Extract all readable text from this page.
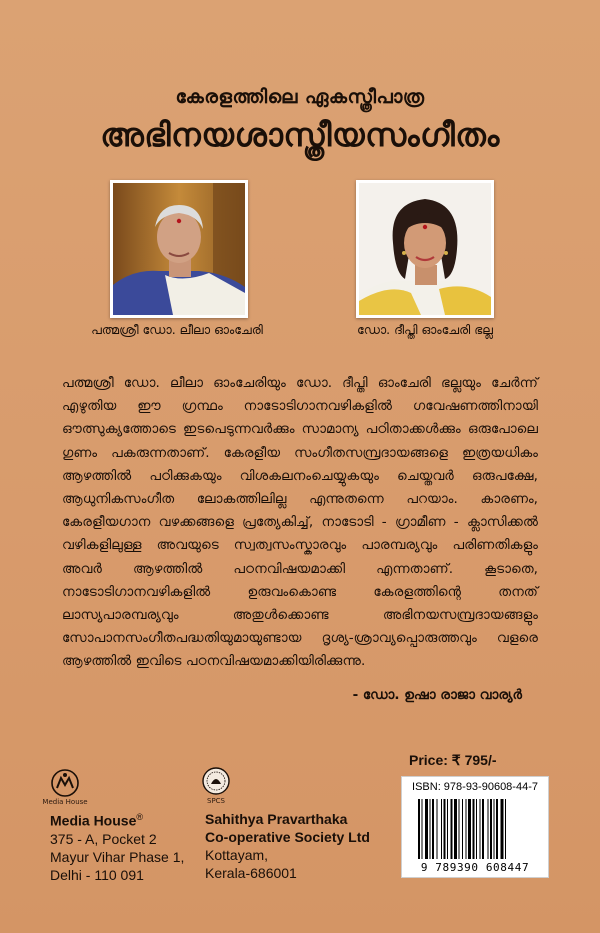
കേരളത്തിലെ ഏകസ്ത്രീപാത്ര
അഭിനയശാസ്ത്രീയസംഗീതം
പത്മശ്രീ ഡോ. ലീലാ ഓംചേരി	ഡോ. ദീപ്തി ഓംചേരി ഭല്ല

പത്മശ്രീ ഡോ. ലീലാ ഓംചേരിയും ഡോ. ദീപ്തി ഓംചേരി ഭല്ലയും ചേർന്ന് എഴുതിയ ഈ ഗ്രന്ഥം നാടോടിഗാനവഴികളിൽ ഗവേഷണത്തിനായി ഔത്സുക്യത്തോടെ ഇടപെടുന്നവർക്കും സാമാന്യ പഠിതാക്കൾക്കും ഒരുപോലെ ഗുണം പകരുന്നതാണ്. കേരളീയ സംഗീതസമ്പ്രദായങ്ങളെ ഇത്രയധികം ആഴത്തിൽ പഠിക്കുകയും വിശകലനംചെയ്യുകയും ചെയ്തവർ ഒരുപക്ഷേ, ആധുനികസംഗീത ലോകത്തിലില്ല എന്നുതന്നെ പറയാം. കാരണം, കേരളീയഗാന വഴക്കങ്ങളെ പ്രത്യേകിച്ച്, നാടോടി - ഗ്രാമീണ - ക്ലാസിക്കൽ വഴികളിലുള്ള അവയുടെ സ്വത്വസംസ്കാരവും പാരമ്പര്യവും പരിണതികളും അവർ ആഴത്തിൽ പഠനവിഷയമാക്കി എന്നതാണ്. കൂടാതെ, നാടോടിഗാനവഴികളിൽ ഉരുവംകൊണ്ട കേരളത്തിന്റെ തനത് ലാസ്യപാരമ്പര്യവും അതുൾക്കൊണ്ട അഭിനയസമ്പ്രദായങ്ങളും സോപാനസംഗീതപദ്ധതിയുമായുണ്ടായ ദൃശ്യ-ശ്രാവ്യപ്പൊരുത്തവും വളരെ ആഴത്തിൽ ഇവിടെ പഠനവിഷയമാക്കിയിരിക്കുന്നു.

- ഡോ. ഉഷാ രാജാ വാര്യർ
Media House	SPCS
Media House®
375 - A, Pocket 2
Mayur Vihar Phase 1,
Delhi - 110 091
Sahithya Pravarthaka
Co-operative Society Ltd
Kottayam,
Kerala-686001
Price: ₹ 795/-
ISBN: 978-93-90608-44-7
9 789390 608447
